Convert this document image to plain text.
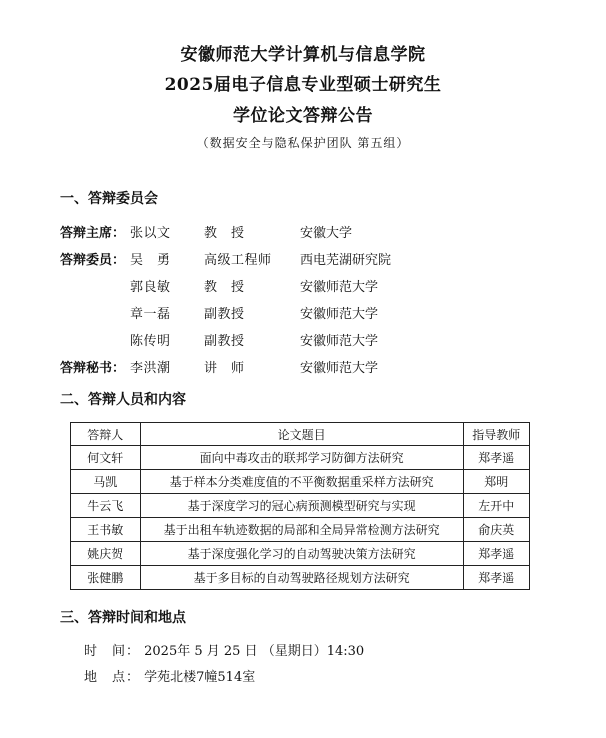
安徽师范大学计算机与信息学院
2025届电子信息专业型硕士研究生
学位论文答辩公告
（数据安全与隐私保护团队 第五组）
一、答辩委员会
答辩主席： 张以文	教　授	安徽大学
答辩委员： 吴　勇	高级工程师 西电芜湖研究院
郭良敏	教　授	安徽师范大学
章一磊	副教授	安徽师范大学
陈传明	副教授	安徽师范大学
答辩秘书： 李洪潮	讲　师	安徽师范大学
二、答辩人员和内容
答辩人	论文题目	指导教师
何文轩	面向中毒攻击的联邦学习防御方法研究	郑孝遥
马凯	基于样本分类难度值的不平衡数据重采样方法研究	郑明
牛云飞	基于深度学习的冠心病预测模型研究与实现	左开中
王书敏	基于出租车轨迹数据的局部和全局异常检测方法研究	俞庆英
姚庆贺	基于深度强化学习的自动驾驶决策方法研究	郑孝遥
张健鹏	基于多目标的自动驾驶路径规划方法研究	郑孝遥
三、答辩时间和地点
时　间： 2025年 5 月 25 日 （星期日）14:30
地　点： 学苑北楼7幢514室
